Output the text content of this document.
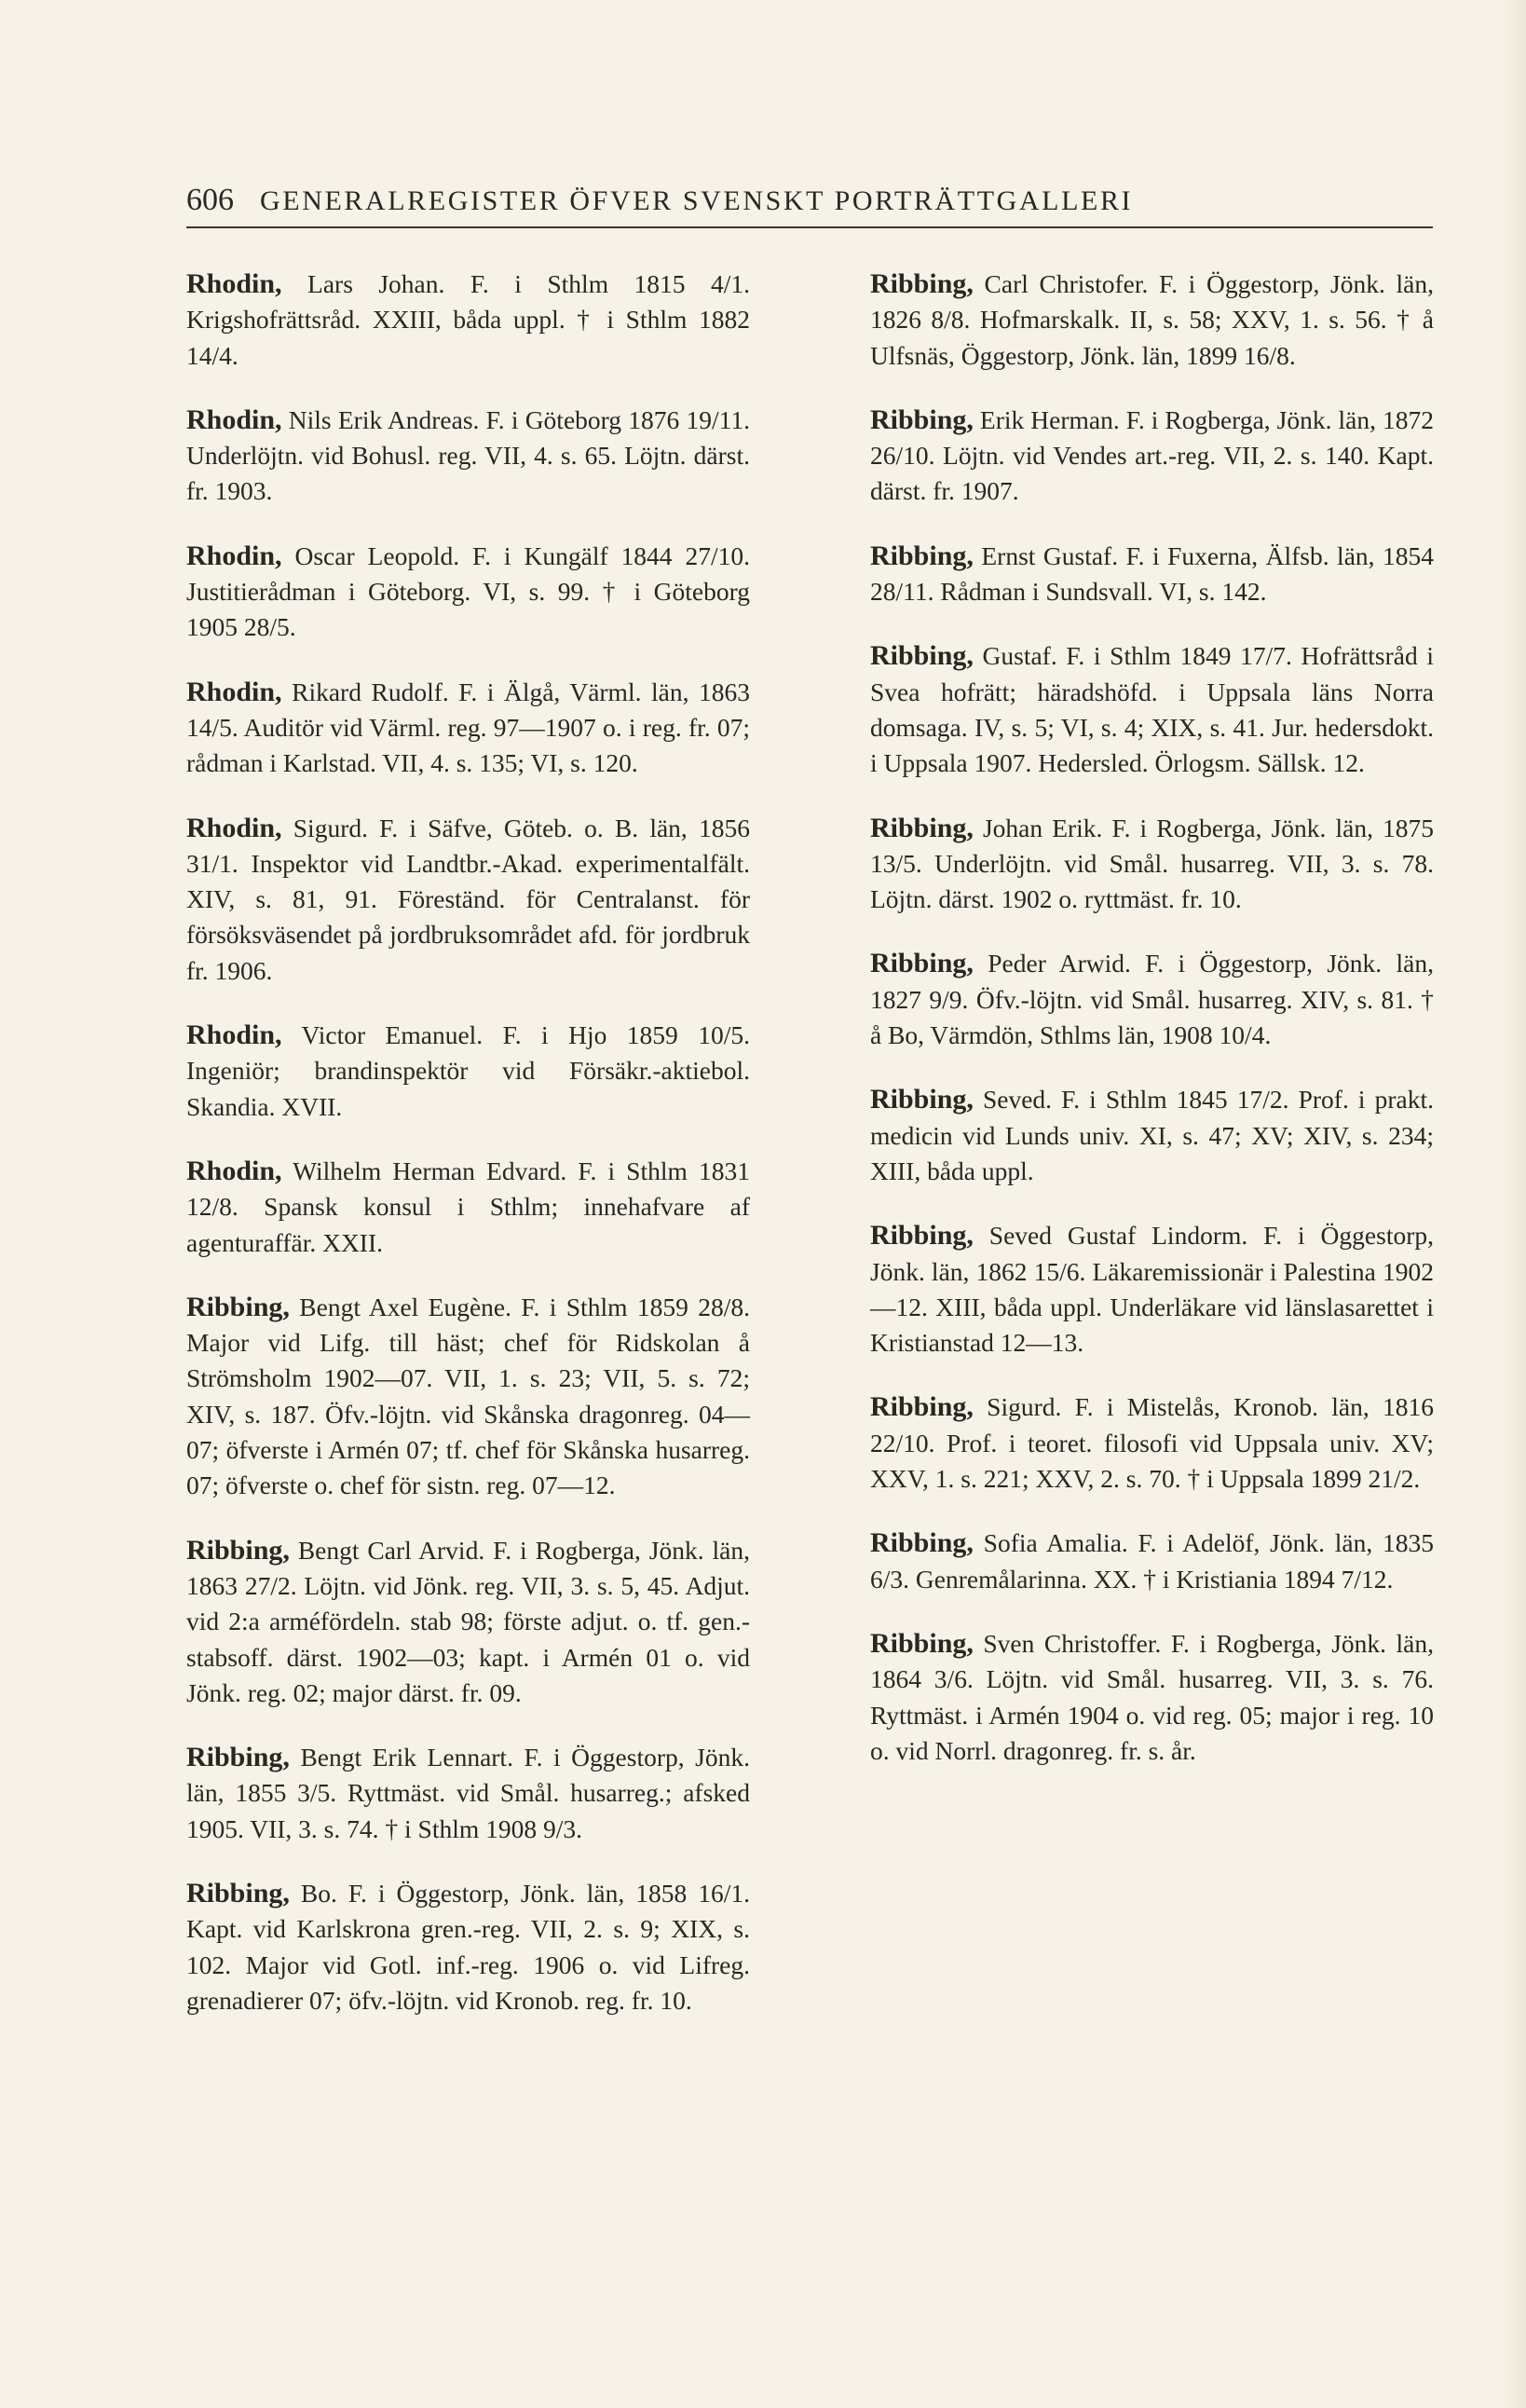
606 GENERALREGISTER ÖFVER SVENSKT PORTRÄTTGALLERI

Rhodin, Lars Johan. F. i Sthlm 1815 4/1. Krigshofrättsråd. XXIII, båda uppl. † i Sthlm 1882 14/4.

Rhodin, Nils Erik Andreas. F. i Göteborg 1876 19/11. Underlöjtn. vid Bohusl. reg. VII, 4. s. 65. Löjtn. därst. fr. 1903.

Rhodin, Oscar Leopold. F. i Kungälf 1844 27/10. Justitierådman i Göteborg. VI, s. 99. † i Göteborg 1905 28/5.

Rhodin, Rikard Rudolf. F. i Älgå, Värml. län, 1863 14/5. Auditör vid Värml. reg. 97—1907 o. i reg. fr. 07; rådman i Karlstad. VII, 4. s. 135; VI, s. 120.

Rhodin, Sigurd. F. i Säfve, Göteb. o. B. län, 1856 31/1. Inspektor vid Landtbr.-Akad. experimentalfält. XIV, s. 81, 91. Föreständ. för Centralanst. för försöksväsendet på jordbruksområdet afd. för jordbruk fr. 1906.

Rhodin, Victor Emanuel. F. i Hjo 1859 10/5. Ingeniör; brandinspektör vid Försäkr.-aktiebol. Skandia. XVII.

Rhodin, Wilhelm Herman Edvard. F. i Sthlm 1831 12/8. Spansk konsul i Sthlm; innehafvare af agenturaffär. XXII.

Ribbing, Bengt Axel Eugène. F. i Sthlm 1859 28/8. Major vid Lifg. till häst; chef för Ridskolan å Strömsholm 1902—07. VII, 1. s. 23; VII, 5. s. 72; XIV, s. 187. Öfv.-löjtn. vid Skånska dragonreg. 04—07; öfverste i Armén 07; tf. chef för Skånska husarreg. 07; öfverste o. chef för sistn. reg. 07—12.

Ribbing, Bengt Carl Arvid. F. i Rogberga, Jönk. län, 1863 27/2. Löjtn. vid Jönk. reg. VII, 3. s. 5, 45. Adjut. vid 2:a arméfördeln. stab 98; förste adjut. o. tf. gen.-stabsoff. därst. 1902—03; kapt. i Armén 01 o. vid Jönk. reg. 02; major därst. fr. 09.

Ribbing, Bengt Erik Lennart. F. i Öggestorp, Jönk. län, 1855 3/5. Ryttmäst. vid Smål. husarreg.; afsked 1905. VII, 3. s. 74. † i Sthlm 1908 9/3.

Ribbing, Bo. F. i Öggestorp, Jönk. län, 1858 16/1. Kapt. vid Karlskrona gren.-reg. VII, 2. s. 9; XIX, s. 102. Major vid Gotl. inf.-reg. 1906 o. vid Lifreg. grenadierer 07; öfv.-löjtn. vid Kronob. reg. fr. 10.

Ribbing, Carl Christofer. F. i Öggestorp, Jönk. län, 1826 8/8. Hofmarskalk. II, s. 58; XXV, 1. s. 56. † å Ulfsnäs, Öggestorp, Jönk. län, 1899 16/8.

Ribbing, Erik Herman. F. i Rogberga, Jönk. län, 1872 26/10. Löjtn. vid Vendes art.-reg. VII, 2. s. 140. Kapt. därst. fr. 1907.

Ribbing, Ernst Gustaf. F. i Fuxerna, Älfsb. län, 1854 28/11. Rådman i Sundsvall. VI, s. 142.

Ribbing, Gustaf. F. i Sthlm 1849 17/7. Hofrättsråd i Svea hofrätt; häradshöfd. i Uppsala läns Norra domsaga. IV, s. 5; VI, s. 4; XIX, s. 41. Jur. hedersdokt. i Uppsala 1907. Hedersled. Örlogsm. Sällsk. 12.

Ribbing, Johan Erik. F. i Rogberga, Jönk. län, 1875 13/5. Underlöjtn. vid Smål. husarreg. VII, 3. s. 78. Löjtn. därst. 1902 o. ryttmäst. fr. 10.

Ribbing, Peder Arwid. F. i Öggestorp, Jönk. län, 1827 9/9. Öfv.-löjtn. vid Smål. husarreg. XIV, s. 81. † å Bo, Värmdön, Sthlms län, 1908 10/4.

Ribbing, Seved. F. i Sthlm 1845 17/2. Prof. i prakt. medicin vid Lunds univ. XI, s. 47; XV; XIV, s. 234; XIII, båda uppl.

Ribbing, Seved Gustaf Lindorm. F. i Öggestorp, Jönk. län, 1862 15/6. Läkaremissionär i Palestina 1902—12. XIII, båda uppl. Underläkare vid länslasarettet i Kristianstad 12—13.

Ribbing, Sigurd. F. i Mistelås, Kronob. län, 1816 22/10. Prof. i teoret. filosofi vid Uppsala univ. XV; XXV, 1. s. 221; XXV, 2. s. 70. † i Uppsala 1899 21/2.

Ribbing, Sofia Amalia. F. i Adelöf, Jönk. län, 1835 6/3. Genremålarinna. XX. † i Kristiania 1894 7/12.

Ribbing, Sven Christoffer. F. i Rogberga, Jönk. län, 1864 3/6. Löjtn. vid Smål. husarreg. VII, 3. s. 76. Ryttmäst. i Armén 1904 o. vid reg. 05; major i reg. 10 o. vid Norrl. dragonreg. fr. s. år.
